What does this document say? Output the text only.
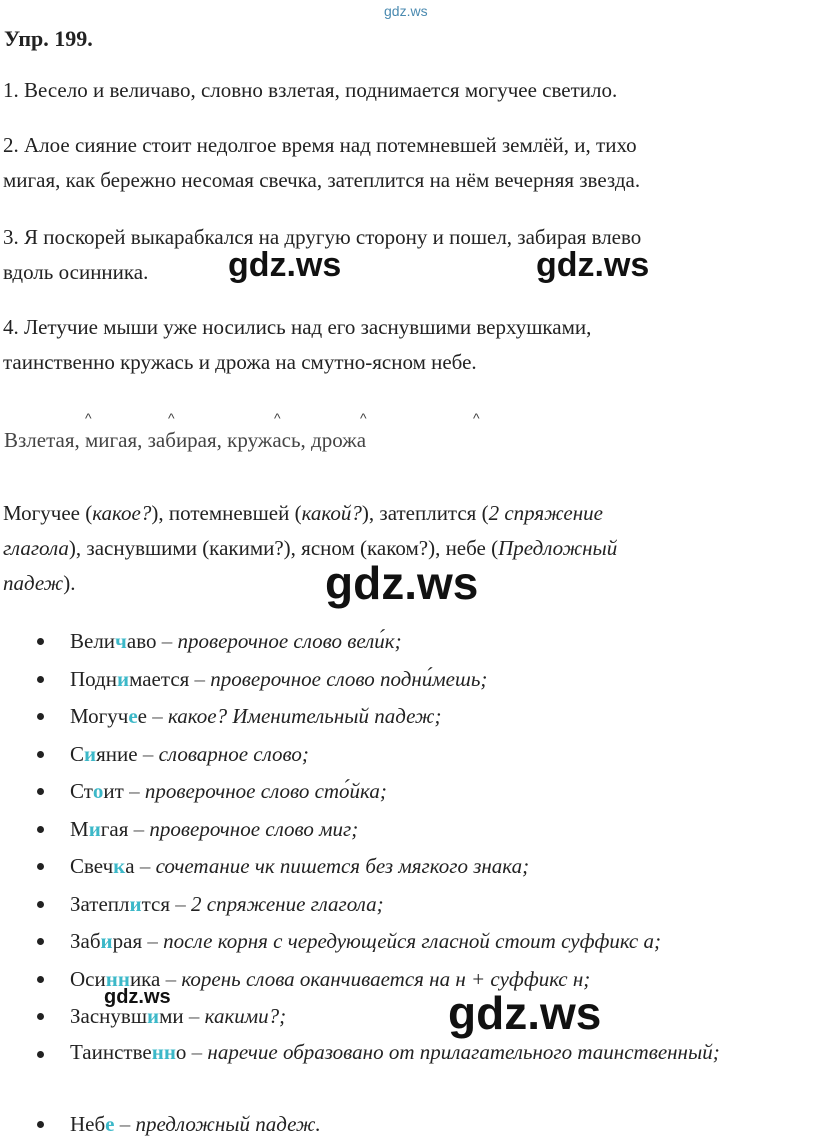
gdz.ws
Упр. 199.
1. Весело и величаво, словно взлетая, поднимается могучее светило.
2. Алое сияние стоит недолгое время над потемневшей землёй, и, тихо
мигая, как бережно несомая свечка, затеплится на нём вечерняя звезда.
3. Я поскорей выкарабкался на другую сторону и пошел, забирая влево
вдоль осинника.
4. Летучие мыши уже носились над его заснувшими верхушками,
таинственно кружась и дрожа на смутно-ясном небе.
gdz.ws	gdz.ws
^	^	^	^	^
Взлетая, мигая, забирая, кружась, дрожа
Могучее (какое?), потемневшей (какой?), затеплится (2 спряжение
глагола), заснувшими (какими?), ясном (каком?), небе (Предложный
падеж).	gdz.ws
Величаво – проверочное слово вели́к;
Поднимается – проверочное слово подни́мешь;
Могучее – какое? Именительный падеж;
Сияние – словарное слово;
Стоит – проверочное слово сто́йка;
Мигая – проверочное слово миг;
Свечка – сочетание чк пишется без мягкого знака;
Затеплится – 2 спряжение глагола;
Забирая – после корня с чередующейся гласной стоит суффикс а;
Осинника – корень слова оканчивается на н + суффикс н;
Заснувшими – какими?;
Таинственно – наречие образовано от прилагательного таинственный;
Небе – предложный падеж.
gdz.ws	gdz.ws
